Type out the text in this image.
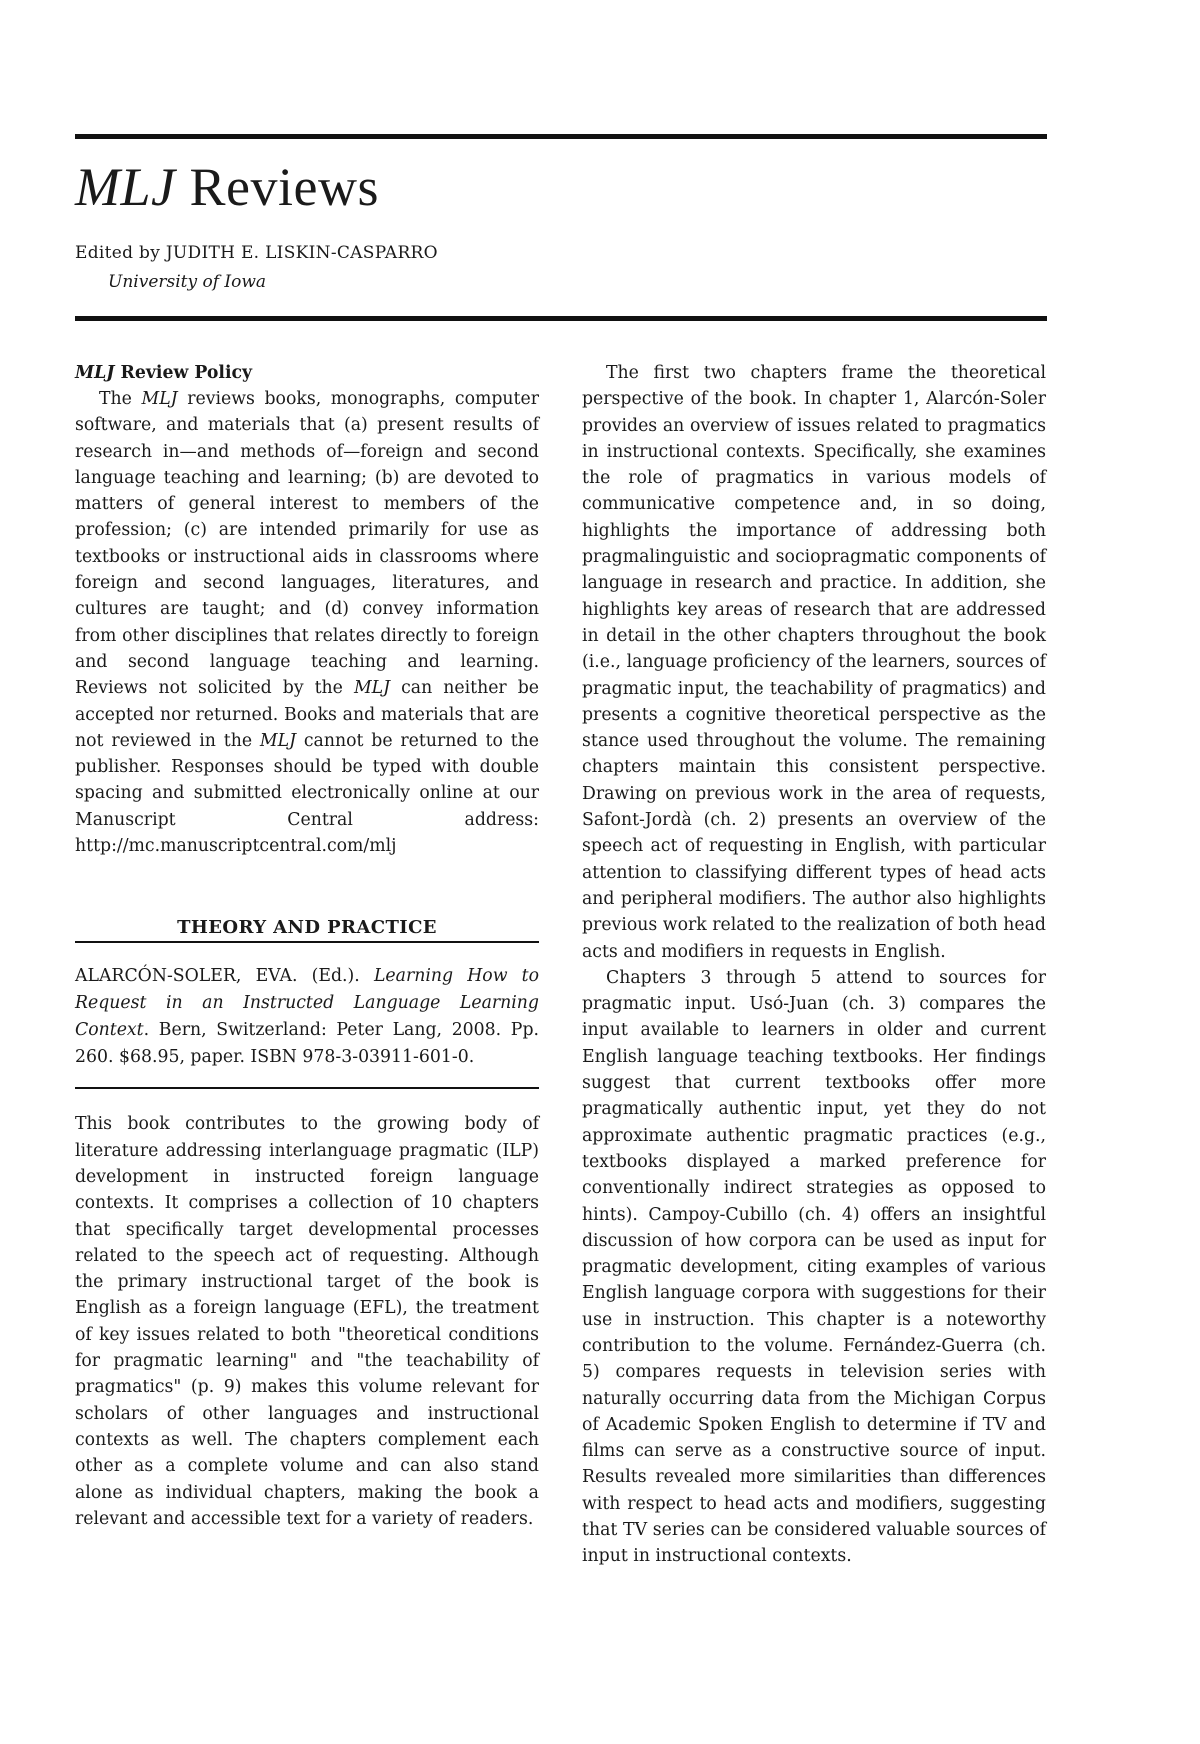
MLJ Reviews
Edited by JUDITH E. LISKIN-CASPARRO
University of Iowa

MLJ Review Policy

The MLJ reviews books, monographs, computer software, and materials that (a) present results of research in—and methods of—foreign and second language teaching and learning; (b) are devoted to matters of general interest to members of the profession; (c) are intended primarily for use as textbooks or instructional aids in classrooms where foreign and second languages, literatures, and cultures are taught; and (d) convey information from other disciplines that relates directly to foreign and second language teaching and learning. Reviews not solicited by the MLJ can neither be accepted nor returned. Books and materials that are not reviewed in the MLJ cannot be returned to the publisher. Responses should be typed with double spacing and submitted electronically online at our Manuscript Central address: http://mc.manuscriptcentral.com/mlj

THEORY AND PRACTICE

ALARCÓN-SOLER, EVA. (Ed.). Learning How to Request in an Instructed Language Learning Context. Bern, Switzerland: Peter Lang, 2008. Pp. 260. $68.95, paper. ISBN 978-3-03911-601-0.

This book contributes to the growing body of literature addressing interlanguage pragmatic (ILP) development in instructed foreign language contexts. It comprises a collection of 10 chapters that specifically target developmental processes related to the speech act of requesting. Although the primary instructional target of the book is English as a foreign language (EFL), the treatment of key issues related to both "theoretical conditions for pragmatic learning" and "the teachability of pragmatics" (p. 9) makes this volume relevant for scholars of other languages and instructional contexts as well. The chapters complement each other as a complete volume and can also stand alone as individual chapters, making the book a relevant and accessible text for a variety of readers.

The first two chapters frame the theoretical perspective of the book. In chapter 1, Alarcón-Soler provides an overview of issues related to pragmatics in instructional contexts. Specifically, she examines the role of pragmatics in various models of communicative competence and, in so doing, highlights the importance of addressing both pragmalinguistic and sociopragmatic components of language in research and practice. In addition, she highlights key areas of research that are addressed in detail in the other chapters throughout the book (i.e., language proficiency of the learners, sources of pragmatic input, the teachability of pragmatics) and presents a cognitive theoretical perspective as the stance used throughout the volume. The remaining chapters maintain this consistent perspective. Drawing on previous work in the area of requests, Safont-Jordà (ch. 2) presents an overview of the speech act of requesting in English, with particular attention to classifying different types of head acts and peripheral modifiers. The author also highlights previous work related to the realization of both head acts and modifiers in requests in English.

Chapters 3 through 5 attend to sources for pragmatic input. Usó-Juan (ch. 3) compares the input available to learners in older and current English language teaching textbooks. Her findings suggest that current textbooks offer more pragmatically authentic input, yet they do not approximate authentic pragmatic practices (e.g., textbooks displayed a marked preference for conventionally indirect strategies as opposed to hints). Campoy-Cubillo (ch. 4) offers an insightful discussion of how corpora can be used as input for pragmatic development, citing examples of various English language corpora with suggestions for their use in instruction. This chapter is a noteworthy contribution to the volume. Fernández-Guerra (ch. 5) compares requests in television series with naturally occurring data from the Michigan Corpus of Academic Spoken English to determine if TV and films can serve as a constructive source of input. Results revealed more similarities than differences with respect to head acts and modifiers, suggesting that TV series can be considered valuable sources of input in instructional contexts.
